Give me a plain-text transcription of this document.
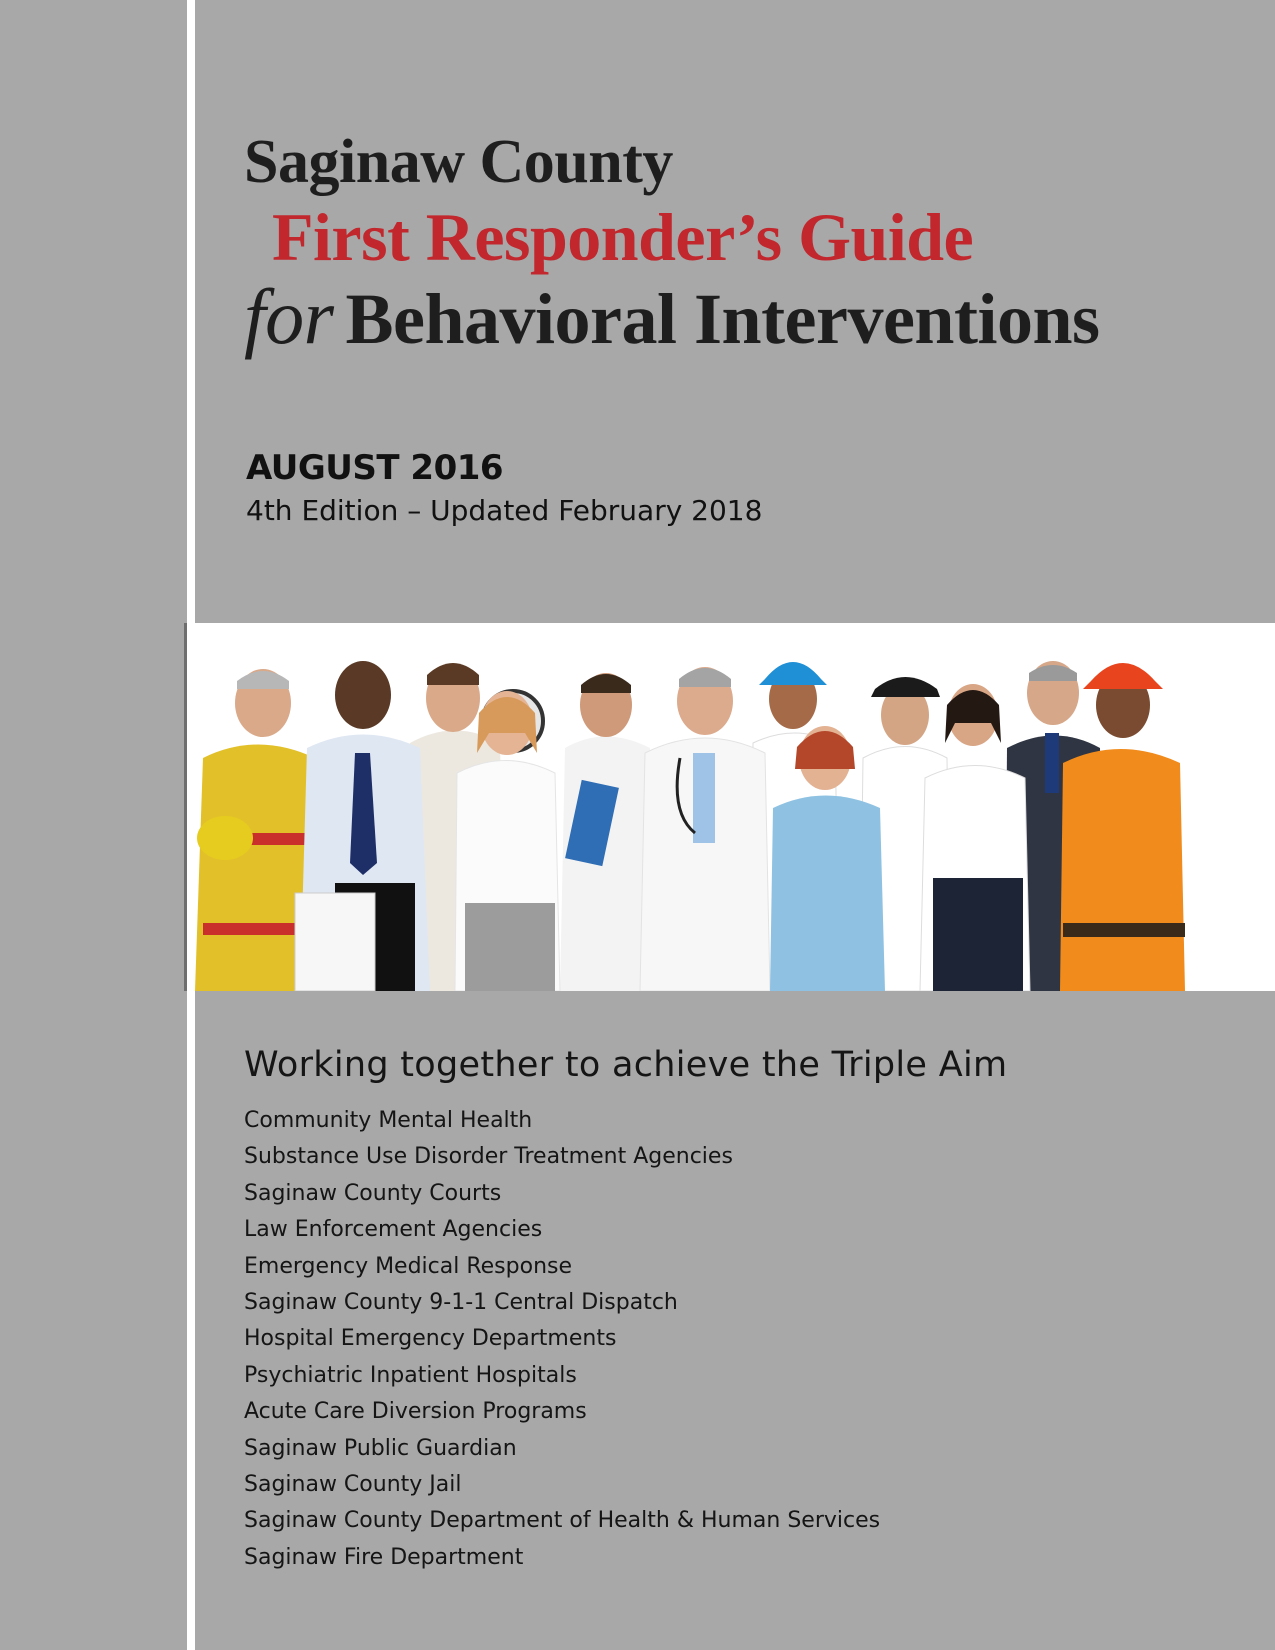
Saginaw County

First Responder’s Guide

for Behavioral Interventions

AUGUST 2016

4th Edition – Updated February 2018

Working together to achieve the Triple Aim

Community Mental Health
Substance Use Disorder Treatment Agencies
Saginaw County Courts
Law Enforcement Agencies
Emergency Medical Response
Saginaw County 9-1-1 Central Dispatch
Hospital Emergency Departments
Psychiatric Inpatient Hospitals
Acute Care Diversion Programs
Saginaw Public Guardian
Saginaw County Jail
Saginaw County Department of Health & Human Services
Saginaw Fire Department
